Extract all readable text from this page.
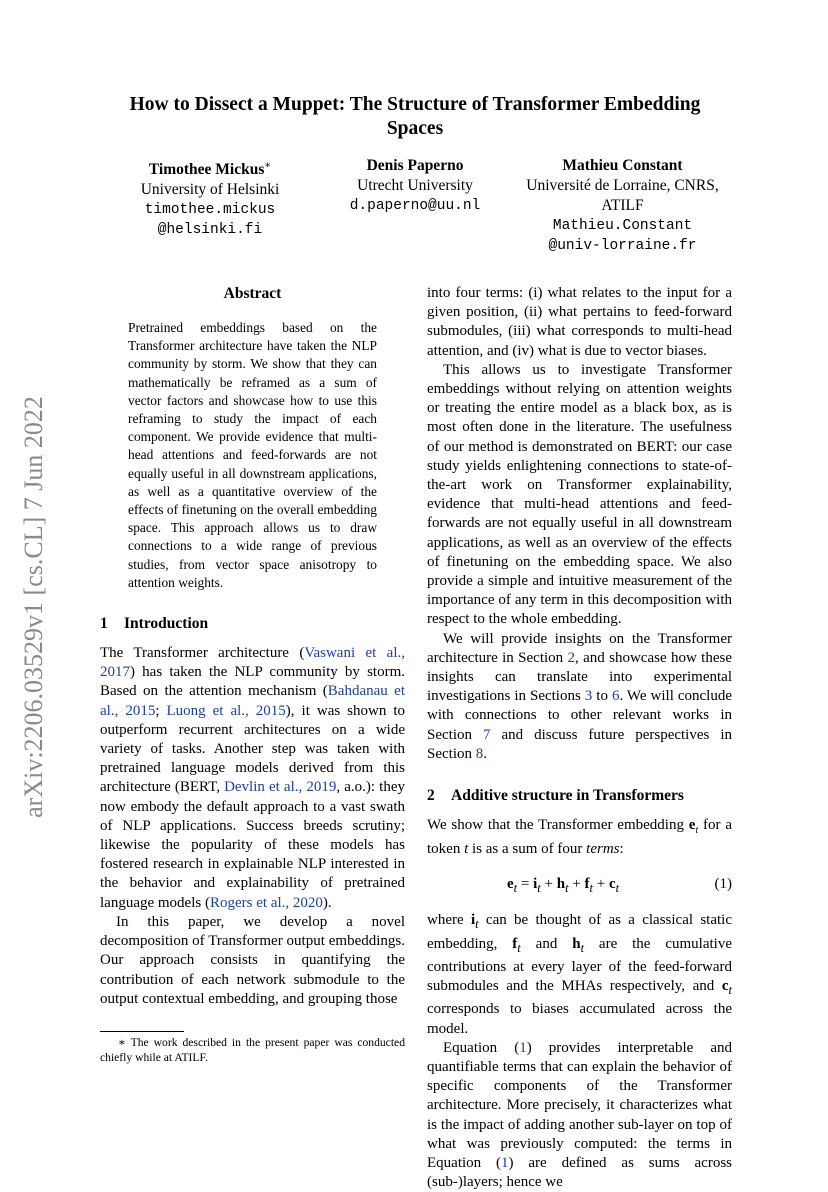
arXiv:2206.03529v1 [cs.CL] 7 Jun 2022
How to Dissect a Muppet: The Structure of Transformer Embedding Spaces
Timothee Mickus∗
University of Helsinki
timothee.mickus
@helsinki.fi
Denis Paperno
Utrecht University
d.paperno@uu.nl
Mathieu Constant
Université de Lorraine, CNRS,
ATILF
Mathieu.Constant
@univ-lorraine.fr
Abstract
Pretrained embeddings based on the Transformer architecture have taken the NLP community by storm. We show that they can mathematically be reframed as a sum of vector factors and showcase how to use this reframing to study the impact of each component. We provide evidence that multi-head attentions and feed-forwards are not equally useful in all downstream applications, as well as a quantitative overview of the effects of finetuning on the overall embedding space. This approach allows us to draw connections to a wide range of previous studies, from vector space anisotropy to attention weights.
1 Introduction

The Transformer architecture (Vaswani et al., 2017) has taken the NLP community by storm. Based on the attention mechanism (Bahdanau et al., 2015; Luong et al., 2015), it was shown to outperform recurrent architectures on a wide variety of tasks. Another step was taken with pretrained language models derived from this architecture (BERT, Devlin et al., 2019, a.o.): they now embody the default approach to a vast swath of NLP applications. Success breeds scrutiny; likewise the popularity of these models has fostered research in explainable NLP interested in the behavior and explainability of pretrained language models (Rogers et al., 2020).

In this paper, we develop a novel decomposition of Transformer output embeddings. Our approach consists in quantifying the contribution of each network submodule to the output contextual embedding, and grouping those

into four terms: (i) what relates to the input for a given position, (ii) what pertains to feed-forward submodules, (iii) what corresponds to multi-head attention, and (iv) what is due to vector biases.

This allows us to investigate Transformer embeddings without relying on attention weights or treating the entire model as a black box, as is most often done in the literature. The usefulness of our method is demonstrated on BERT: our case study yields enlightening connections to state-of-the-art work on Transformer explainability, evidence that multi-head attentions and feed-forwards are not equally useful in all downstream applications, as well as an overview of the effects of finetuning on the embedding space. We also provide a simple and intuitive measurement of the importance of any term in this decomposition with respect to the whole embedding.

We will provide insights on the Transformer architecture in Section 2, and showcase how these insights can translate into experimental investigations in Sections 3 to 6. We will conclude with connections to other relevant works in Section 7 and discuss future perspectives in Section 8.

2 Additive structure in Transformers

We show that the Transformer embedding $e_t$ for a token t is as a sum of four terms:

$e_t = i_t + h_t + f_t + c_t$	(1)

where $i_t$ can be thought of as a classical static embedding, $f_t$ and $h_t$ are the cumulative contributions at every layer of the feed-forward submodules and the MHAs respectively, and $c_t$ corresponds to biases accumulated across the model.

Equation (1) provides interpretable and quantifiable terms that can explain the behavior of specific components of the Transformer architecture. More precisely, it characterizes what is the impact of adding another sub-layer on top of what was previously computed: the terms in Equation (1) are defined as sums across (sub-)layers; hence we

∗ The work described in the present paper was conducted chiefly while at ATILF.
